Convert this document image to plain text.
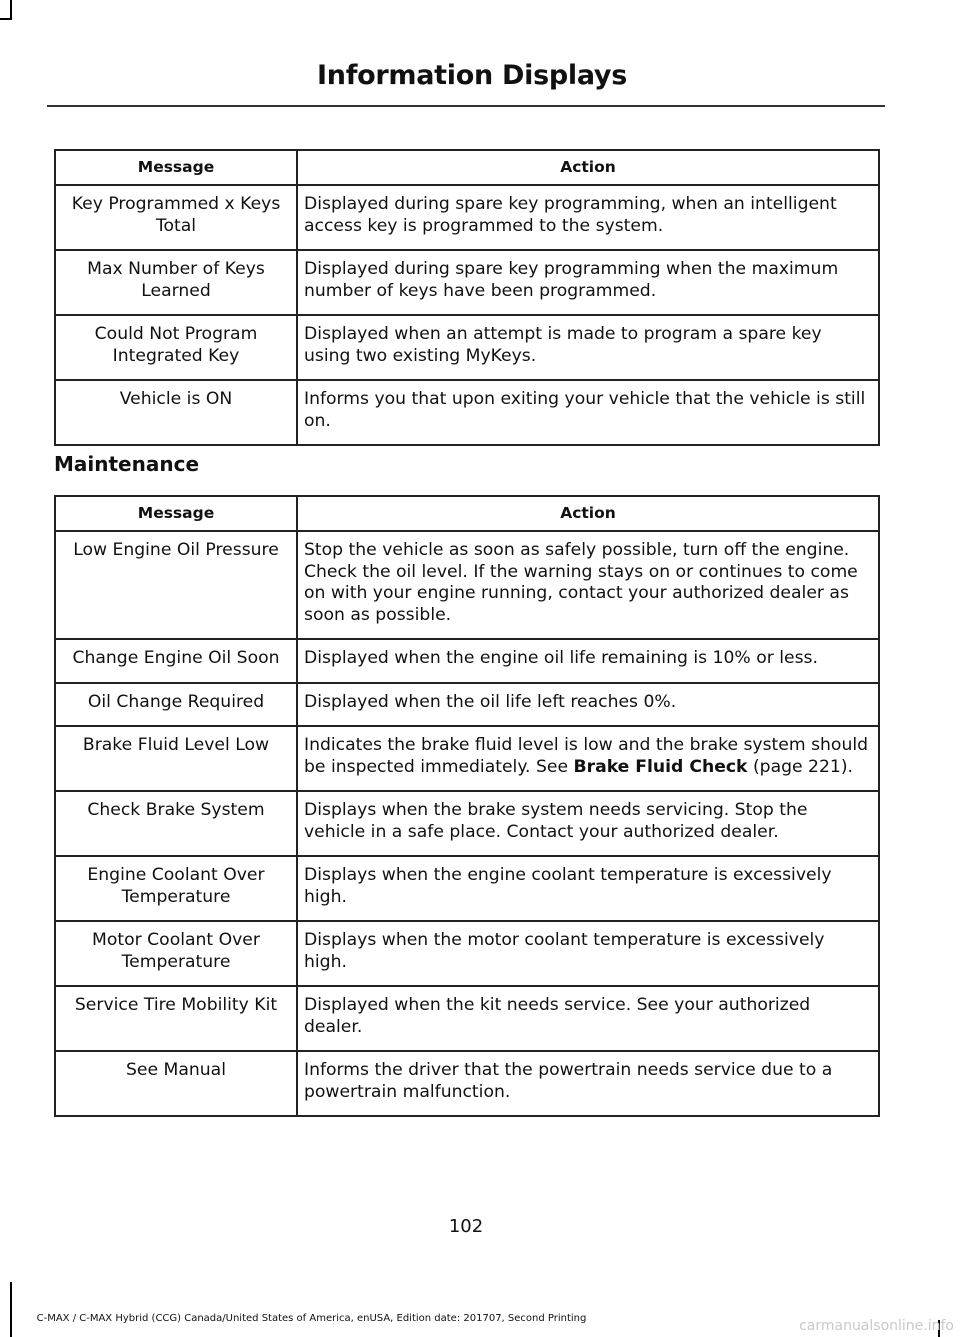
Information Displays
Message	Action
Key Programmed x Keys Total	Displayed during spare key programming, when an intelligent access key is programmed to the system.
Max Number of Keys Learned	Displayed during spare key programming when the maximum number of keys have been programmed.
Could Not Program Integrated Key	Displayed when an attempt is made to program a spare key using two existing MyKeys.
Vehicle is ON	Informs you that upon exiting your vehicle that the vehicle is still on.
Maintenance
Message	Action
Low Engine Oil Pressure	Stop the vehicle as soon as safely possible, turn off the engine. Check the oil level. If the warning stays on or continues to come on with your engine running, contact your authorized dealer as soon as possible.
Change Engine Oil Soon	Displayed when the engine oil life remaining is 10% or less.
Oil Change Required	Displayed when the oil life left reaches 0%.
Brake Fluid Level Low	Indicates the brake fluid level is low and the brake system should be inspected immediately. See Brake Fluid Check (page 221).
Check Brake System	Displays when the brake system needs servicing. Stop the vehicle in a safe place. Contact your authorized dealer.
Engine Coolant Over Temperature	Displays when the engine coolant temperature is excessively high.
Motor Coolant Over Temperature	Displays when the motor coolant temperature is excessively high.
Service Tire Mobility Kit	Displayed when the kit needs service. See your authorized dealer.
See Manual	Informs the driver that the powertrain needs service due to a powertrain malfunction.
102
C-MAX / C-MAX Hybrid (CCG) Canada/United States of America, enUSA, Edition date: 201707, Second Printing	carmanualsonline.info
